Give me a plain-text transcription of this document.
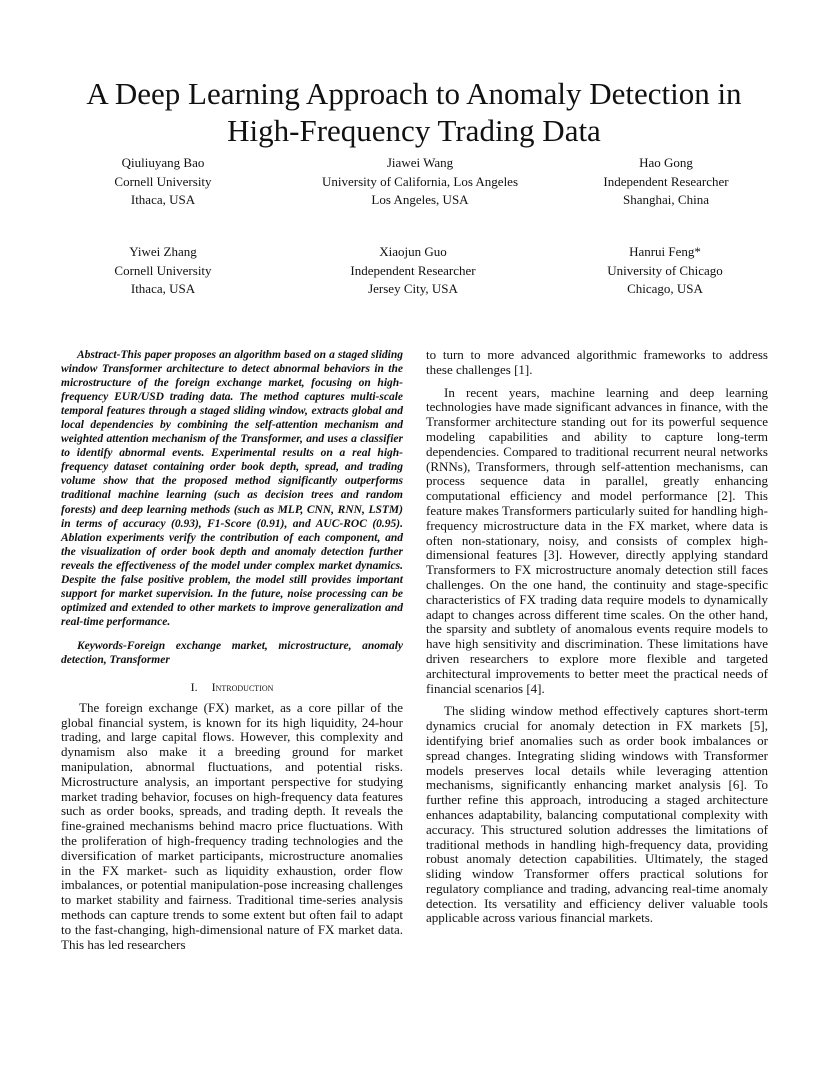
A Deep Learning Approach to Anomaly Detection in
High-Frequency Trading Data
Qiuliuyang Bao
Cornell University
Ithaca, USA
Jiawei Wang
University of California, Los Angeles
Los Angeles, USA
Hao Gong
Independent Researcher
Shanghai, China
Yiwei Zhang
Cornell University
Ithaca, USA
Xiaojun Guo
Independent Researcher
Jersey City, USA
Hanrui Feng*
University of Chicago
Chicago, USA

Abstract-This paper proposes an algorithm based on a staged sliding window Transformer architecture to detect abnormal behaviors in the microstructure of the foreign exchange market, focusing on high-frequency EUR/USD trading data. The method captures multi-scale temporal features through a staged sliding window, extracts global and local dependencies by combining the self-attention mechanism and weighted attention mechanism of the Transformer, and uses a classifier to identify abnormal events. Experimental results on a real high-frequency dataset containing order book depth, spread, and trading volume show that the proposed method significantly outperforms traditional machine learning (such as decision trees and random forests) and deep learning methods (such as MLP, CNN, RNN, LSTM) in terms of accuracy (0.93), F1-Score (0.91), and AUC-ROC (0.95). Ablation experiments verify the contribution of each component, and the visualization of order book depth and anomaly detection further reveals the effectiveness of the model under complex market dynamics. Despite the false positive problem, the model still provides important support for market supervision. In the future, noise processing can be optimized and extended to other markets to improve generalization and real-time performance.

Keywords-Foreign exchange market, microstructure, anomaly detection, Transformer

I. Introduction

The foreign exchange (FX) market, as a core pillar of the global financial system, is known for its high liquidity, 24-hour trading, and large capital flows. However, this complexity and dynamism also make it a breeding ground for market manipulation, abnormal fluctuations, and potential risks. Microstructure analysis, an important perspective for studying market trading behavior, focuses on high-frequency data features such as order books, spreads, and trading depth. It reveals the fine-grained mechanisms behind macro price fluctuations. With the proliferation of high-frequency trading technologies and the diversification of market participants, microstructure anomalies in the FX market- such as liquidity exhaustion, order flow imbalances, or potential manipulation-pose increasing challenges to market stability and fairness. Traditional time-series analysis methods can capture trends to some extent but often fail to adapt to the fast-changing, high-dimensional nature of FX market data. This has led researchers

to turn to more advanced algorithmic frameworks to address these challenges [1].

In recent years, machine learning and deep learning technologies have made significant advances in finance, with the Transformer architecture standing out for its powerful sequence modeling capabilities and ability to capture long-term dependencies. Compared to traditional recurrent neural networks (RNNs), Transformers, through self-attention mechanisms, can process sequence data in parallel, greatly enhancing computational efficiency and model performance [2]. This feature makes Transformers particularly suited for handling high-frequency microstructure data in the FX market, where data is often non-stationary, noisy, and consists of complex high-dimensional features [3]. However, directly applying standard Transformers to FX microstructure anomaly detection still faces challenges. On the one hand, the continuity and stage-specific characteristics of FX trading data require models to dynamically adapt to changes across different time scales. On the other hand, the sparsity and subtlety of anomalous events require models to have high sensitivity and discrimination. These limitations have driven researchers to explore more flexible and targeted architectural improvements to better meet the practical needs of financial scenarios [4].

The sliding window method effectively captures short-term dynamics crucial for anomaly detection in FX markets [5], identifying brief anomalies such as order book imbalances or spread changes. Integrating sliding windows with Transformer models preserves local details while leveraging attention mechanisms, significantly enhancing market analysis [6]. To further refine this approach, introducing a staged architecture enhances adaptability, balancing computational complexity with accuracy. This structured solution addresses the limitations of traditional methods in handling high-frequency data, providing robust anomaly detection capabilities. Ultimately, the staged sliding window Transformer offers practical solutions for regulatory compliance and trading, advancing real-time anomaly detection. Its versatility and efficiency deliver valuable tools applicable across various financial markets.
